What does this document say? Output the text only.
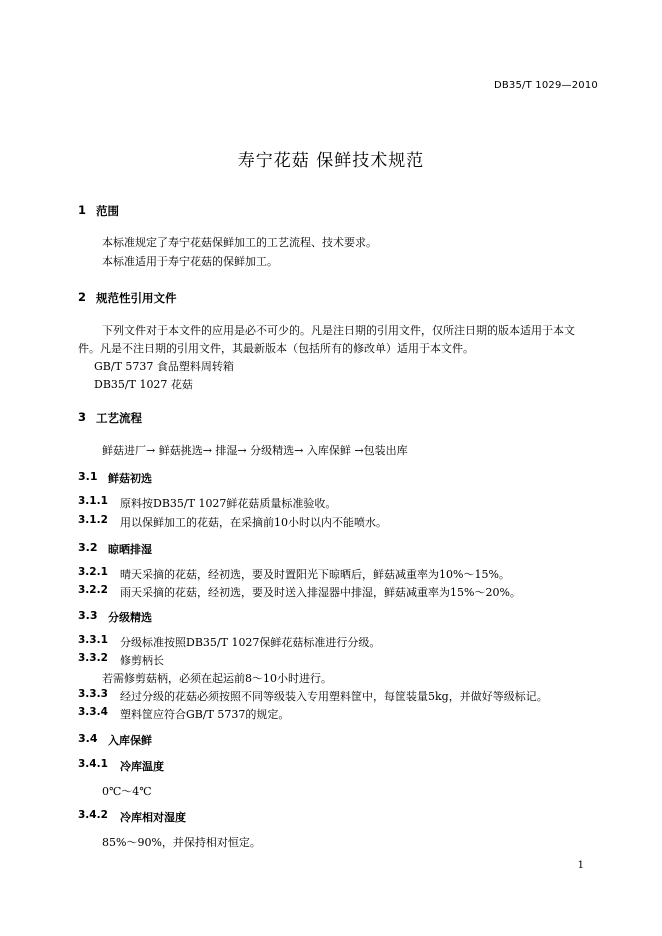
DB35/T 1029—2010
寿宁花菇 保鲜技术规范
1 范围
本标准规定了寿宁花菇保鲜加工的工艺流程、技术要求。
本标准适用于寿宁花菇的保鲜加工。
2 规范性引用文件
下列文件对于本文件的应用是必不可少的。凡是注日期的引用文件，仅所注日期的版本适用于本文
件。凡是不注日期的引用文件，其最新版本（包括所有的修改单）适用于本文件。
GB/T 5737 食品塑料周转箱
DB35/T 1027 花菇
3 工艺流程
鲜菇进厂→ 鲜菇挑选→ 排湿→ 分级精选→ 入库保鲜 →包装出库
3.1 鲜菇初选
3.1.1 原料按DB35/T 1027鲜花菇质量标准验收。
3.1.2 用以保鲜加工的花菇，在采摘前10小时以内不能喷水。
3.2 晾晒排湿
3.2.1 晴天采摘的花菇，经初选，要及时置阳光下晾晒后，鲜菇减重率为10%～15%。
3.2.2 雨天采摘的花菇，经初选，要及时送入排湿器中排湿，鲜菇减重率为15%～20%。
3.3 分级精选
3.3.1 分级标准按照DB35/T 1027保鲜花菇标准进行分级。
3.3.2 修剪柄长
若需修剪菇柄，必须在起运前8～10小时进行。
3.3.3 经过分级的花菇必须按照不同等级装入专用塑料筐中，每筐装量5kg，并做好等级标记。
3.3.4 塑料筐应符合GB/T 5737的规定。
3.4 入库保鲜
3.4.1 冷库温度
0℃～4℃
3.4.2 冷库相对湿度
85%～90%，并保持相对恒定。
1
